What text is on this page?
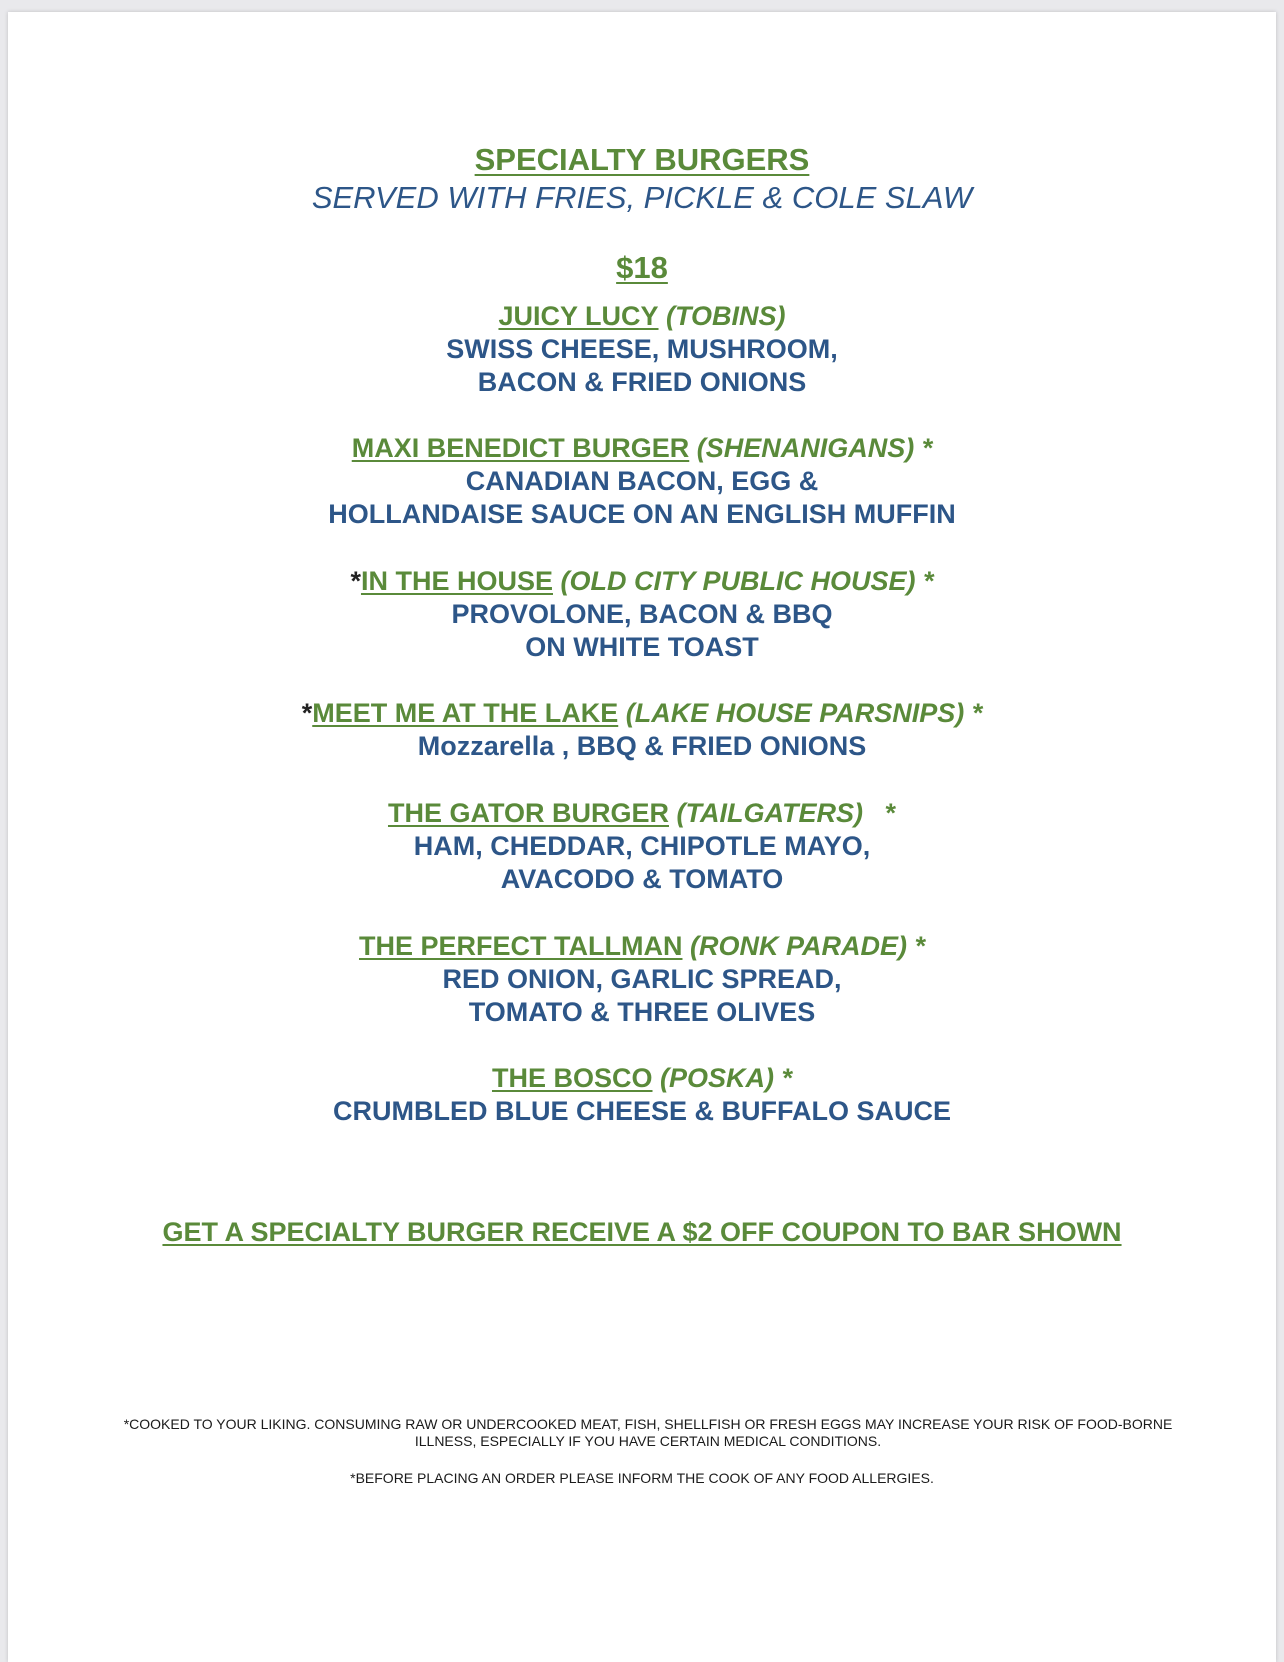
SPECIALTY BURGERS
SERVED WITH FRIES, PICKLE & COLE SLAW
$18
JUICY LUCY (TOBINS)
SWISS CHEESE, MUSHROOM,
BACON & FRIED ONIONS
MAXI BENEDICT BURGER (SHENANIGANS) *
CANADIAN BACON, EGG &
HOLLANDAISE SAUCE ON AN ENGLISH MUFFIN
*IN THE HOUSE (OLD CITY PUBLIC HOUSE) *
PROVOLONE, BACON & BBQ
ON WHITE TOAST
*MEET ME AT THE LAKE (LAKE HOUSE PARSNIPS) *
Mozzarella , BBQ & FRIED ONIONS
THE GATOR BURGER (TAILGATERS)   *
HAM, CHEDDAR, CHIPOTLE MAYO,
AVACODO & TOMATO
THE PERFECT TALLMAN (RONK PARADE) *
RED ONION, GARLIC SPREAD,
TOMATO & THREE OLIVES
THE BOSCO (POSKA) *
CRUMBLED BLUE CHEESE & BUFFALO SAUCE
GET A SPECIALTY BURGER RECEIVE A $2 OFF COUPON TO BAR SHOWN
*COOKED TO YOUR LIKING. CONSUMING RAW OR UNDERCOOKED MEAT, FISH, SHELLFISH OR FRESH EGGS MAY INCREASE YOUR RISK OF FOOD-BORNE ILLNESS, ESPECIALLY IF YOU HAVE CERTAIN MEDICAL CONDITIONS.
*BEFORE PLACING AN ORDER PLEASE INFORM THE COOK OF ANY FOOD ALLERGIES.
